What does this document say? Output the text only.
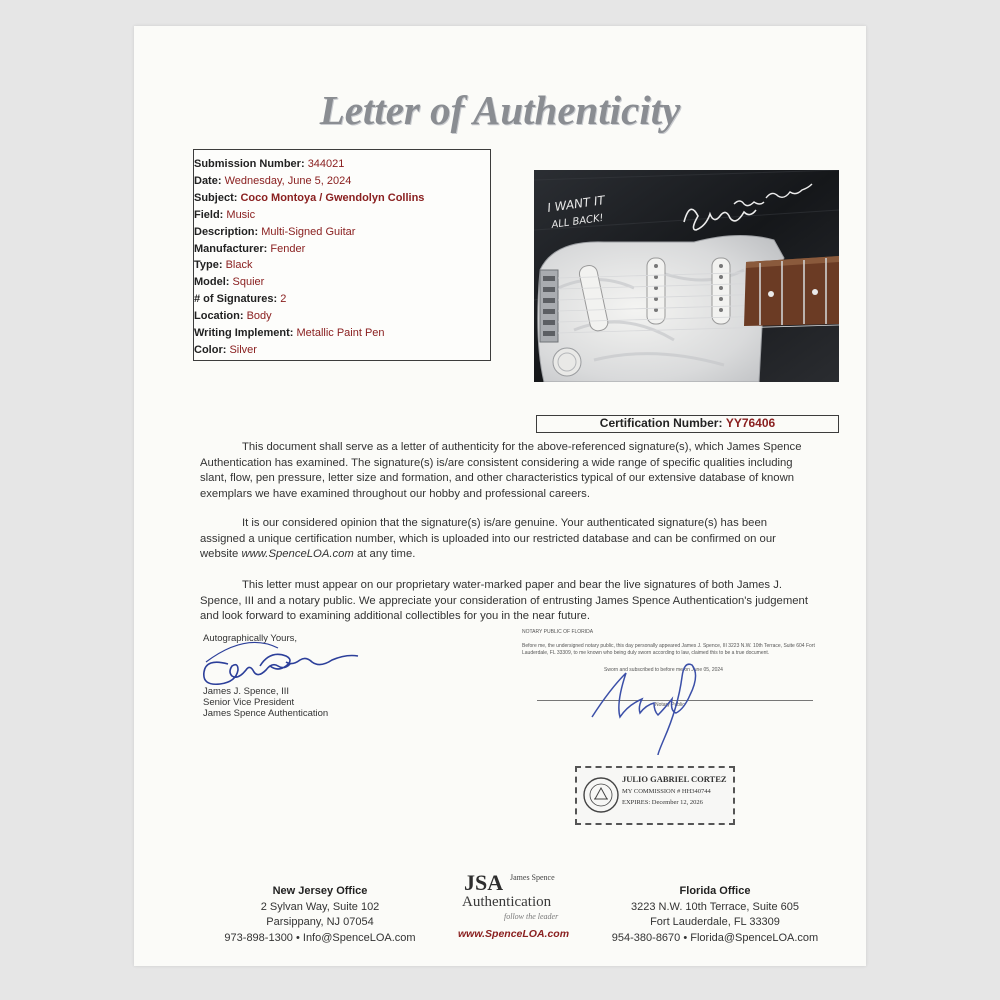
Letter of Authenticity
Submission Number: 344021
Date: Wednesday, June 5, 2024
Subject: Coco Montoya / Gwendolyn Collins
Field: Music
Description: Multi-Signed Guitar
Manufacturer: Fender
Type: Black
Model: Squier
# of Signatures: 2
Location: Body
Writing Implement: Metallic Paint Pen
Color: Silver
I WANT IT
ALL BACK!
Certification Number: YY76406
This document shall serve as a letter of authenticity for the above-referenced signature(s), which James Spence Authentication has examined. The signature(s) is/are consistent considering a wide range of specific qualities including slant, flow, pen pressure, letter size and formation, and other characteristics typical of our extensive database of known exemplars we have examined throughout our hobby and professional careers.
It is our considered opinion that the signature(s) is/are genuine. Your authenticated signature(s) has been assigned a unique certification number, which is uploaded into our restricted database and can be confirmed on our website www.SpenceLOA.com at any time.
This letter must appear on our proprietary water-marked paper and bear the live signatures of both James J. Spence, III and a notary public. We appreciate your consideration of entrusting James Spence Authentication's judgement and look forward to examining additional collectibles for you in the near future.
Autographically Yours,
James J. Spence, III
Senior Vice President
James Spence Authentication
NOTARY PUBLIC OF FLORIDA
Before me, the undersigned notary public, this day personally appeared James J. Spence, III 3223 N.W. 10th Terrace, Suite 604 Fort Lauderdale, FL 33309, to me known who being duly sworn according to law, claimed this to be a true document.
Sworn and subscribed to before me on June 05, 2024
Notary Public
JULIO GABRIEL CORTEZ
MY COMMISSION # HH340744
EXPIRES: December 12, 2026
New Jersey Office
2 Sylvan Way, Suite 102
Parsippany, NJ 07054
973-898-1300 • Info@SpenceLOA.com
JSA James Spence
Authentication
follow the leader
www.SpenceLOA.com
Florida Office
3223 N.W. 10th Terrace, Suite 605
Fort Lauderdale, FL 33309
954-380-8670 • Florida@SpenceLOA.com
